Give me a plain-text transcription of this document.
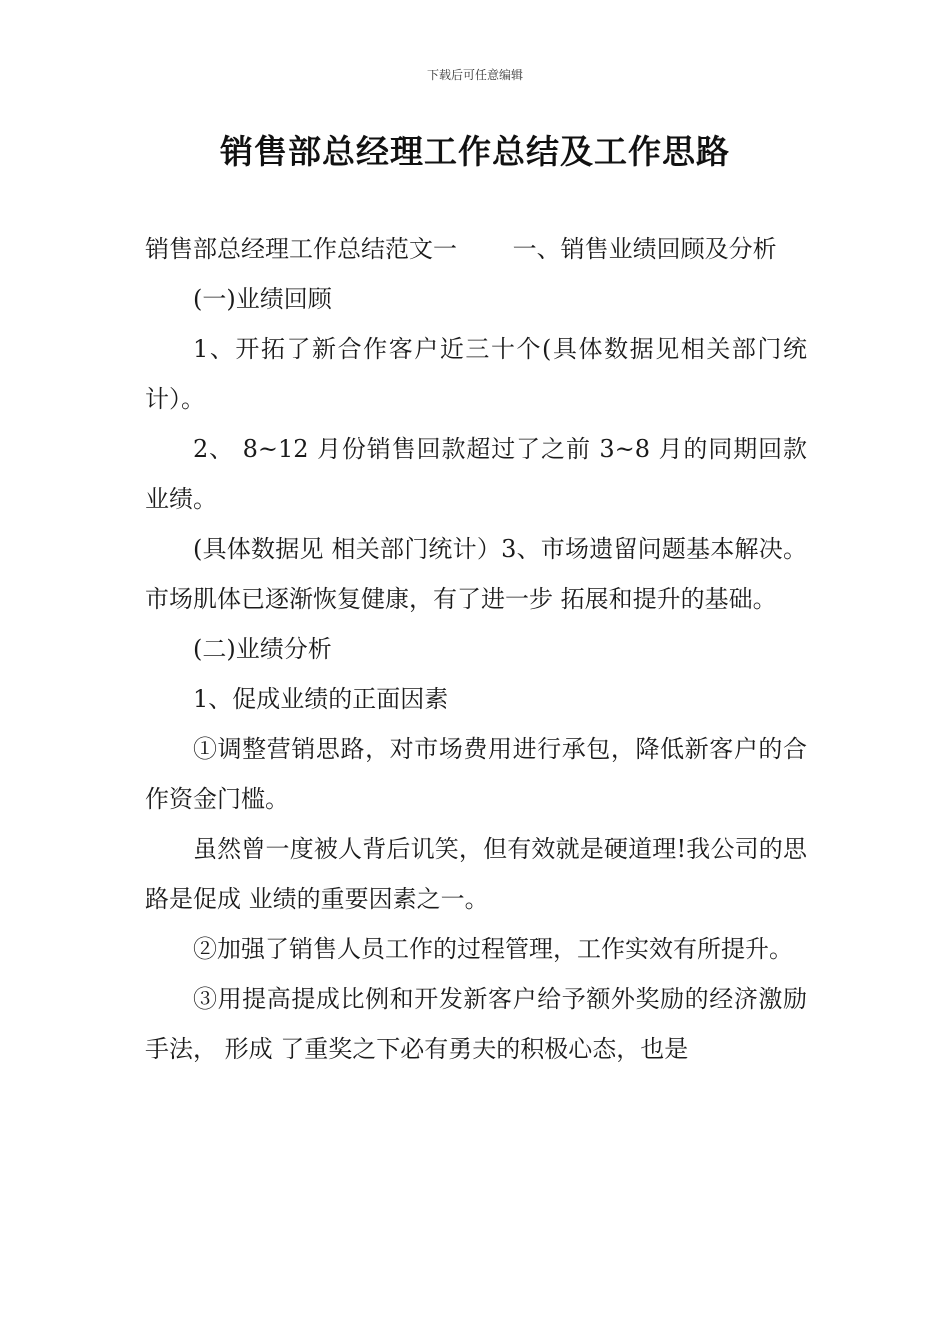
下载后可任意编辑
销售部总经理工作总结及工作思路

销售部总经理工作总结范文一　　 一、销售业绩回顾及分析

(一)业绩回顾

1、开拓了新合作客户近三十个(具体数据见相关部门统计）。

2、 8~12 月份销售回款超过了之前 3~8 月的同期回款业绩。

(具体数据见 相关部门统计）3、市场遗留问题基本解决。市场肌体已逐渐恢复健康，有了进一步 拓展和提升的基础。

(二)业绩分析

1、促成业绩的正面因素

①调整营销思路，对市场费用进行承包，降低新客户的合作资金门槛。

虽然曾一度被人背后讥笑，但有效就是硬道理!我公司的思路是促成 业绩的重要因素之一。

②加强了销售人员工作的过程管理，工作实效有所提升。

③用提高提成比例和开发新客户给予额外奖励的经济激励手法， 形成 了重奖之下必有勇夫的积极心态，也是
